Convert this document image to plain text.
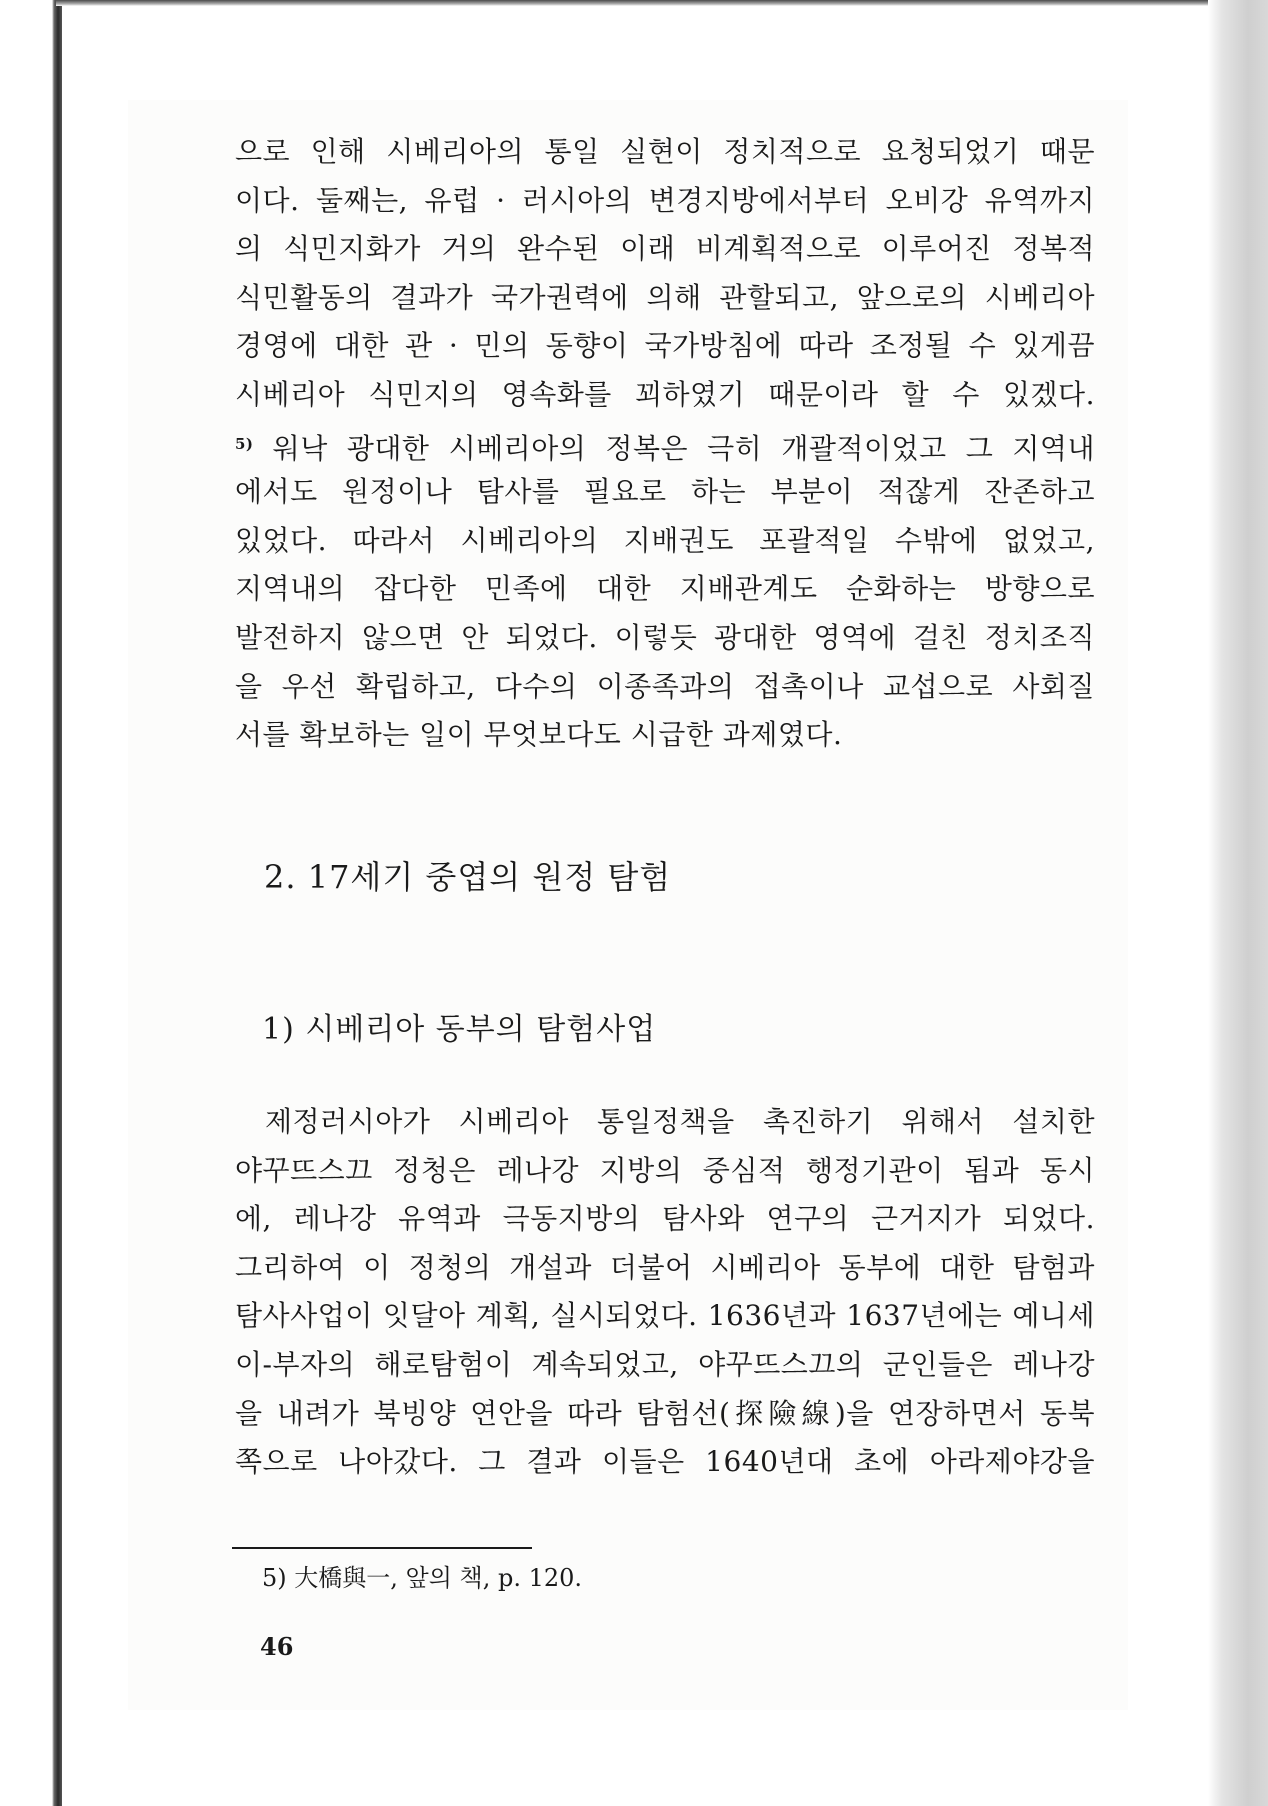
으로 인해 시베리아의 통일 실현이 정치적으로 요청되었기 때문
이다. 둘째는, 유럽 · 러시아의 변경지방에서부터 오비강 유역까지
의 식민지화가 거의 완수된 이래 비계획적으로 이루어진 정복적
식민활동의 결과가 국가권력에 의해 관할되고, 앞으로의 시베리아
경영에 대한 관 · 민의 동향이 국가방침에 따라 조정될 수 있게끔
시베리아 식민지의 영속화를 꾀하였기 때문이라 할 수 있겠다.
$^{5)}$ 워낙 광대한 시베리아의 정복은 극히 개괄적이었고 그 지역내
에서도 원정이나 탐사를 필요로 하는 부분이 적잖게 잔존하고
있었다. 따라서 시베리아의 지배권도 포괄적일 수밖에 없었고,
지역내의 잡다한 민족에 대한 지배관계도 순화하는 방향으로
발전하지 않으면 안 되었다. 이렇듯 광대한 영역에 걸친 정치조직
을 우선 확립하고, 다수의 이종족과의 접촉이나 교섭으로 사회질
서를 확보하는 일이 무엇보다도 시급한 과제였다.
2. 17세기 중엽의 원정 탐험
1) 시베리아 동부의 탐험사업
제정러시아가 시베리아 통일정책을 촉진하기 위해서 설치한
야꾸뜨스끄 정청은 레나강 지방의 중심적 행정기관이 됨과 동시
에, 레나강 유역과 극동지방의 탐사와 연구의 근거지가 되었다.
그리하여 이 정청의 개설과 더불어 시베리아 동부에 대한 탐험과
탐사사업이 잇달아 계획, 실시되었다. 1636년과 1637년에는 예니세
이-부자의 해로탐험이 계속되었고, 야꾸뜨스끄의 군인들은 레나강
을 내려가 북빙양 연안을 따라 탐험선(探險線)을 연장하면서 동북
쪽으로 나아갔다. 그 결과 이들은 1640년대 초에 아라제야강을
5) 大橋與一, 앞의 책, p. 120.
46
